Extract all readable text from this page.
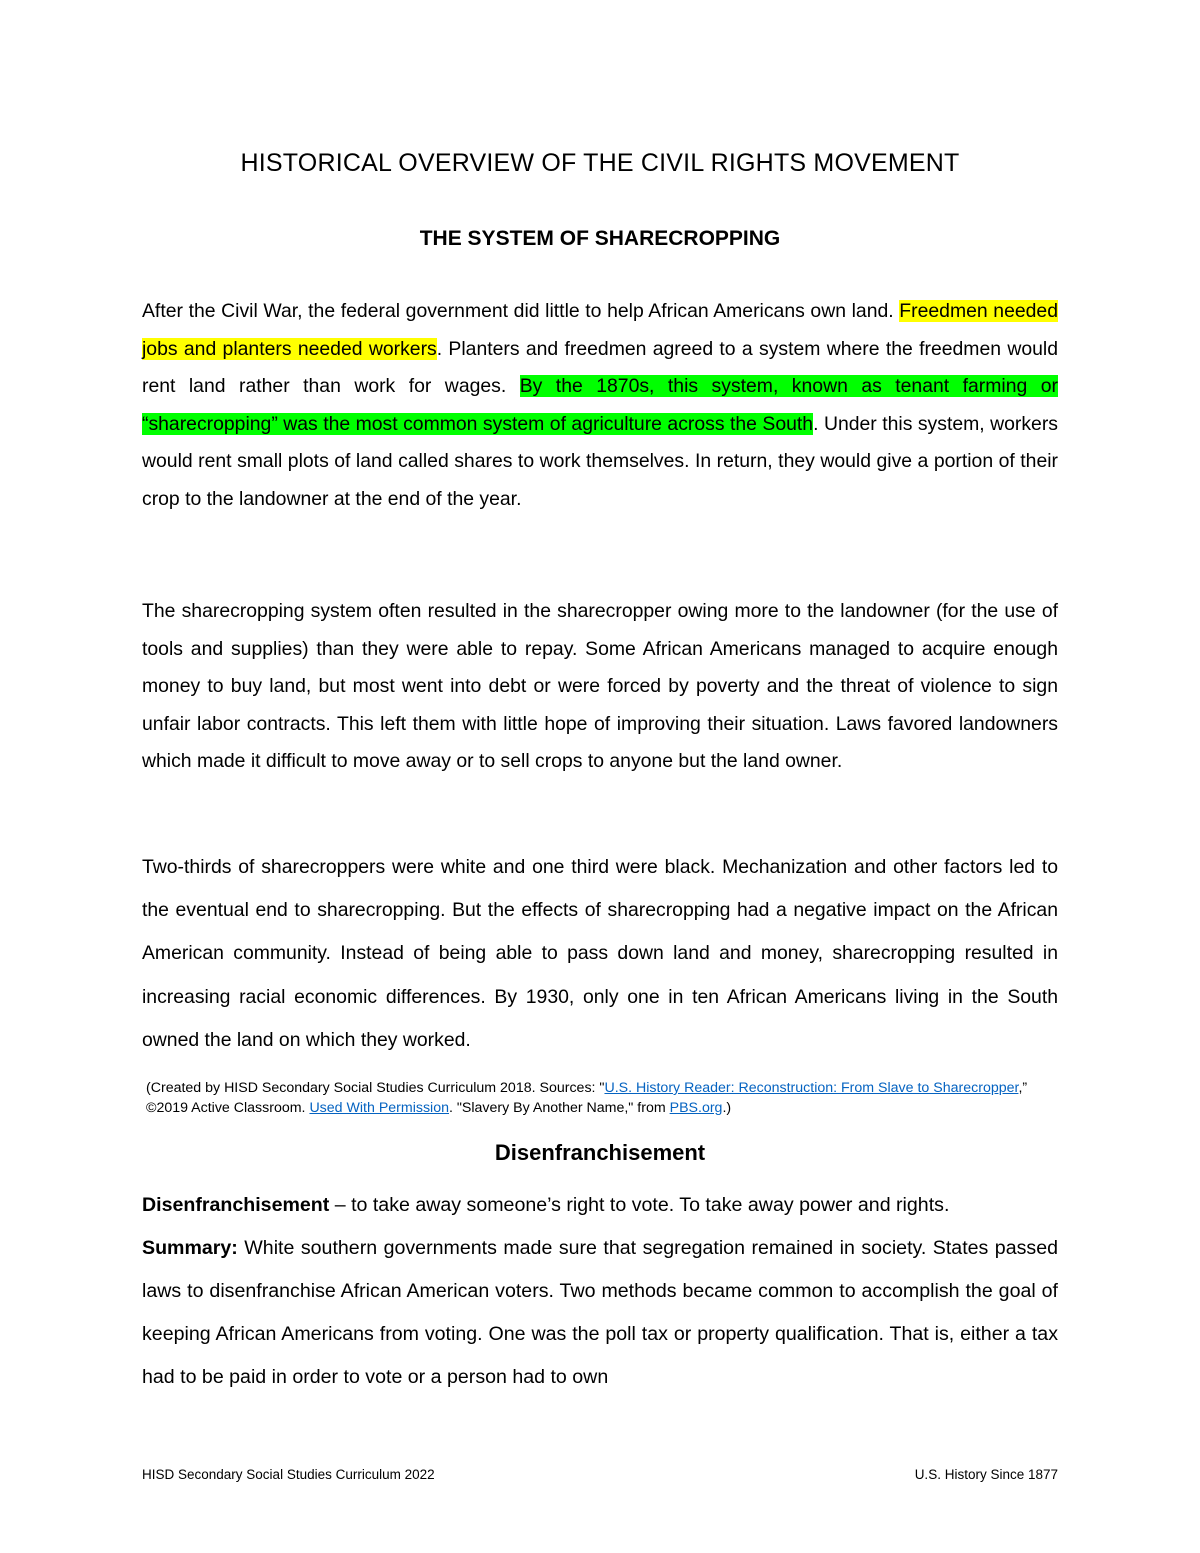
HISTORICAL OVERVIEW OF THE CIVIL RIGHTS MOVEMENT
THE SYSTEM OF SHARECROPPING

After the Civil War, the federal government did little to help African Americans own land. Freedmen needed jobs and planters needed workers. Planters and freedmen agreed to a system where the freedmen would rent land rather than work for wages. By the 1870s, this system, known as tenant farming or “sharecropping” was the most common system of agriculture across the South. Under this system, workers would rent small plots of land called shares to work themselves. In return, they would give a portion of their crop to the landowner at the end of the year.

The sharecropping system often resulted in the sharecropper owing more to the landowner (for the use of tools and supplies) than they were able to repay. Some African Americans managed to acquire enough money to buy land, but most went into debt or were forced by poverty and the threat of violence to sign unfair labor contracts. This left them with little hope of improving their situation. Laws favored landowners which made it difficult to move away or to sell crops to anyone but the land owner.

Two-thirds of sharecroppers were white and one third were black. Mechanization and other factors led to the eventual end to sharecropping. But the effects of sharecropping had a negative impact on the African American community. Instead of being able to pass down land and money, sharecropping resulted in increasing racial economic differences. By 1930, only one in ten African Americans living in the South owned the land on which they worked.

(Created by HISD Secondary Social Studies Curriculum 2018. Sources: "U.S. History Reader: Reconstruction: From Slave to Sharecropper,” ©2019 Active Classroom. Used With Permission. "Slavery By Another Name," from PBS.org.)

Disenfranchisement

Disenfranchisement – to take away someone’s right to vote. To take away power and rights.
Summary: White southern governments made sure that segregation remained in society. States passed laws to disenfranchise African American voters. Two methods became common to accomplish the goal of keeping African Americans from voting. One was the poll tax or property qualification. That is, either a tax had to be paid in order to vote or a person had to own

HISD Secondary Social Studies Curriculum 2022	U.S. History Since 1877
